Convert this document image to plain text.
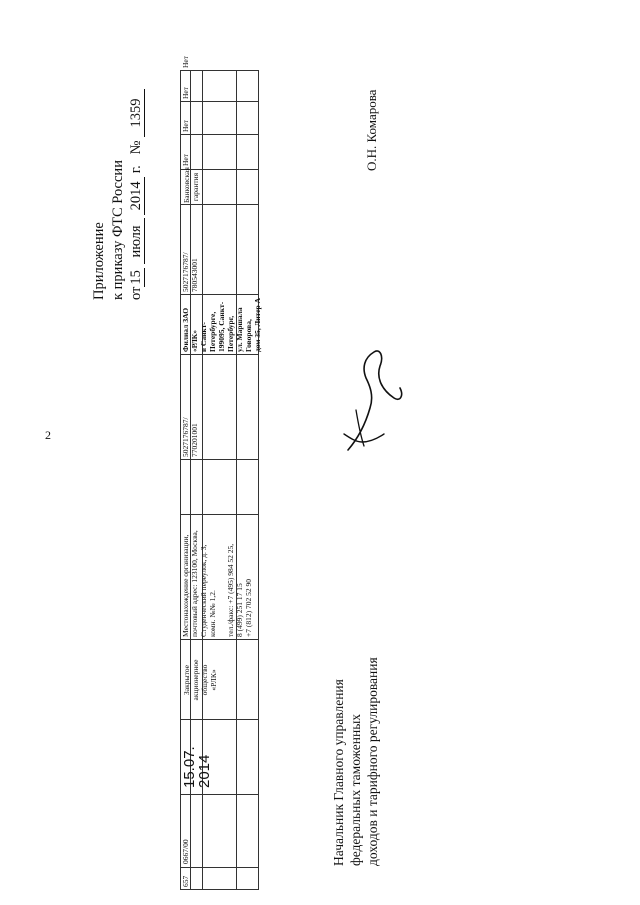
2
657
0667/00
15.07. 2014
Закрытое
акционерное
общество
«РЛК»
Местонахождение организации,
почтовый адрес: 123100, Москва,
Студенческий переулок, д. 3,
комн. №№ 1,2.

тел./факс: +7 (495) 984 52 25,
8 (499) 251 17 15
+7 (812) 702 52 90
5027176787/
770201001
Филиал ЗАО «РЛК»
в Санкт-Петербурге,
199095, Санкт-Петербург,
ул. Маршала Говорова,
дом 35, Литер А
5027176787/
780543001
Банковская
гарантия
Нет
Нет
Нет
Нет
Приложение к приказу ФТС России от15 июля 2014 г.   № 1359
Начальник Главного управления федеральных таможенных доходов и тарифного регулирования
О.Н. Комарова
